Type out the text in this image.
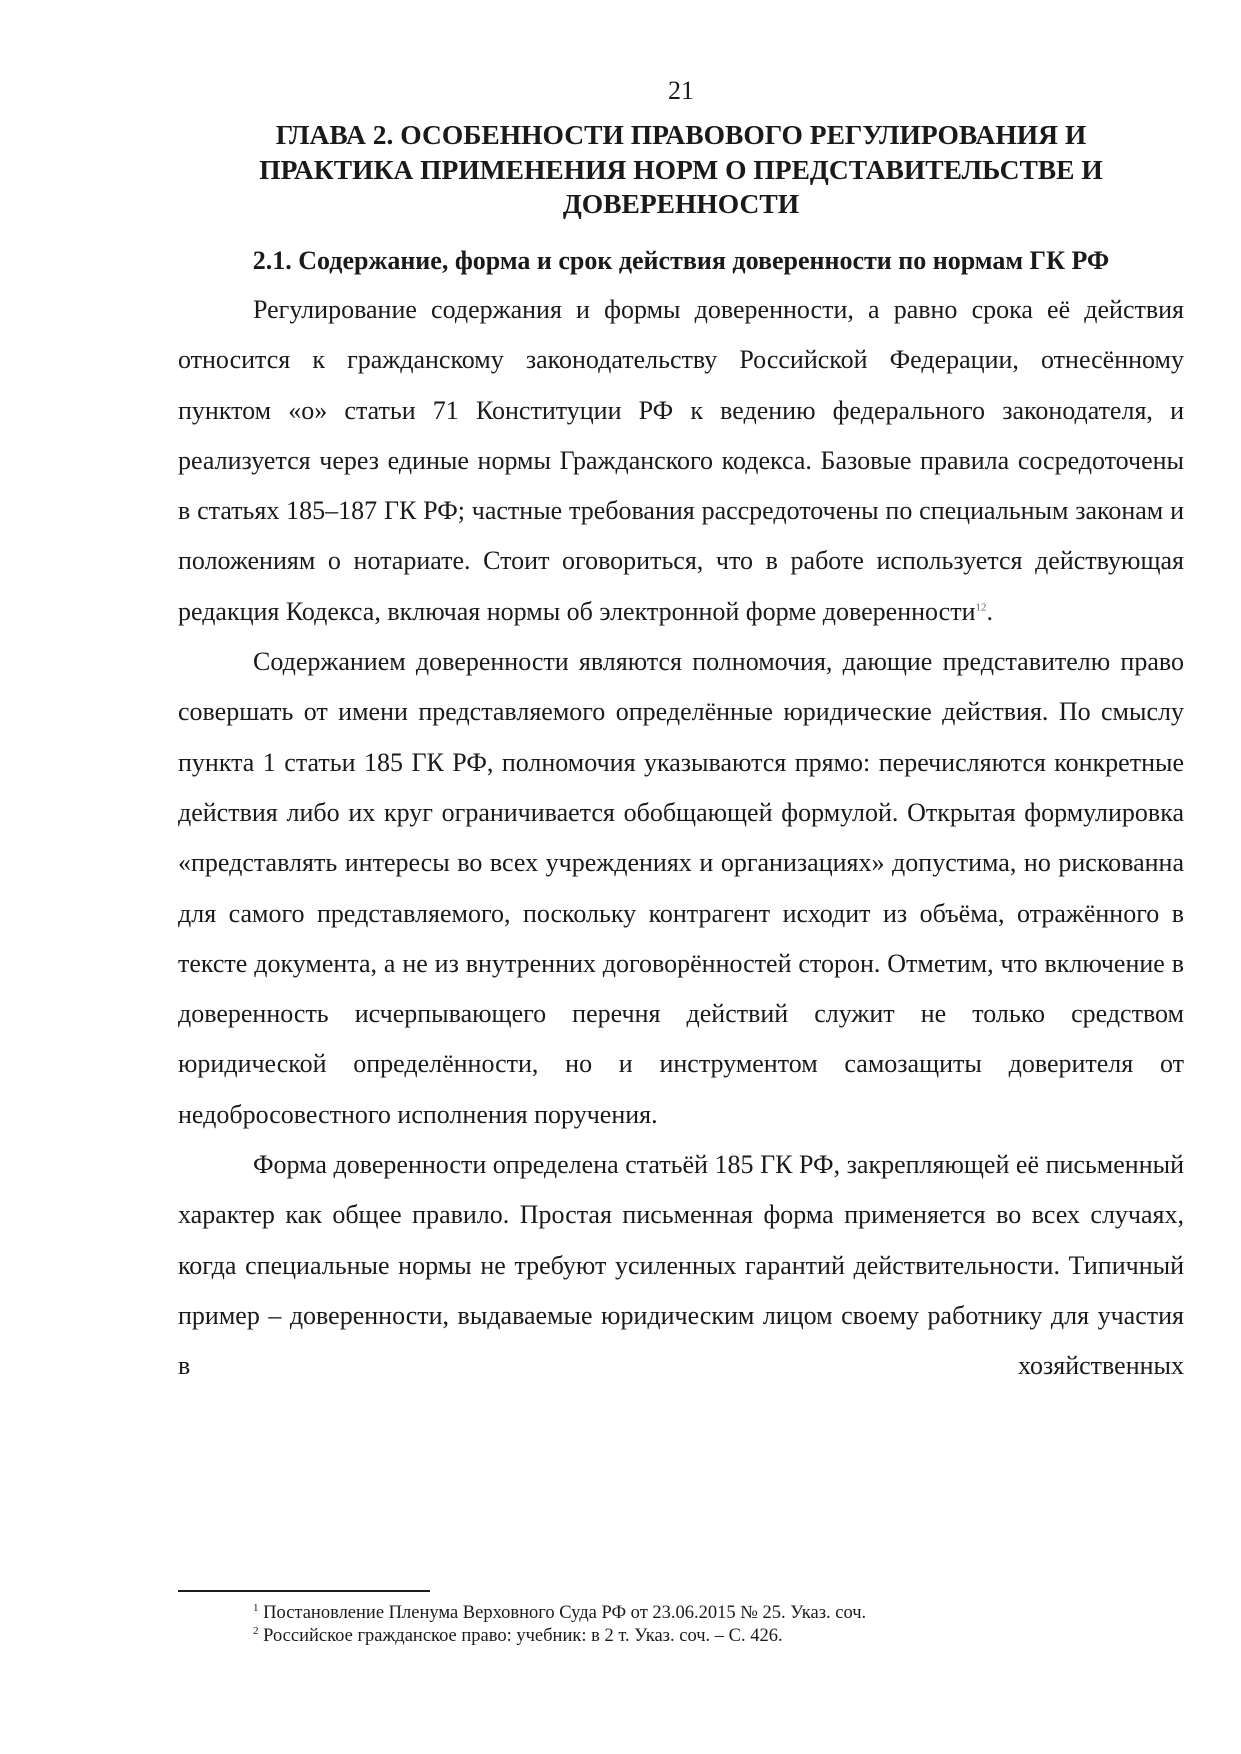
21
ГЛАВА 2. ОСОБЕННОСТИ ПРАВОВОГО РЕГУЛИРОВАНИЯ И ПРАКТИКА ПРИМЕНЕНИЯ НОРМ О ПРЕДСТАВИТЕЛЬСТВЕ И ДОВЕРЕННОСТИ
2.1. Содержание, форма и срок действия доверенности по нормам ГК РФ

Регулирование содержания и формы доверенности, а равно срока её действия относится к гражданскому законодательству Российской Федерации, отнесённому пунктом «о» статьи 71 Конституции РФ к ведению федерального законодателя, и реализуется через единые нормы Гражданского кодекса. Базовые правила сосредоточены в статьях 185–187 ГК РФ; частные требования рассредоточены по специальным законам и положениям о нотариате. Стоит оговориться, что в работе используется действующая редакция Кодекса, включая нормы об электронной форме доверенности$^{12}$.

Содержанием доверенности являются полномочия, дающие представителю право совершать от имени представляемого определённые юридические действия. По смыслу пункта 1 статьи 185 ГК РФ, полномочия указываются прямо: перечисляются конкретные действия либо их круг ограничивается обобщающей формулой. Открытая формулировка «представлять интересы во всех учреждениях и организациях» допустима, но рискованна для самого представляемого, поскольку контрагент исходит из объёма, отражённого в тексте документа, а не из внутренних договорённостей сторон. Отметим, что включение в доверенность исчерпывающего перечня действий служит не только средством юридической определённости, но и инструментом самозащиты доверителя от недобросовестного исполнения поручения.

Форма доверенности определена статьёй 185 ГК РФ, закрепляющей её письменный характер как общее правило. Простая письменная форма применяется во всех случаях, когда специальные нормы не требуют усиленных гарантий действительности. Типичный пример – доверенности, выдаваемые юридическим лицом своему работнику для участия в хозяйственных

$^1$ Постановление Пленума Верховного Суда РФ от 23.06.2015 № 25. Указ. соч.
$^2$ Российское гражданское право: учебник: в 2 т. Указ. соч. – С. 426.
